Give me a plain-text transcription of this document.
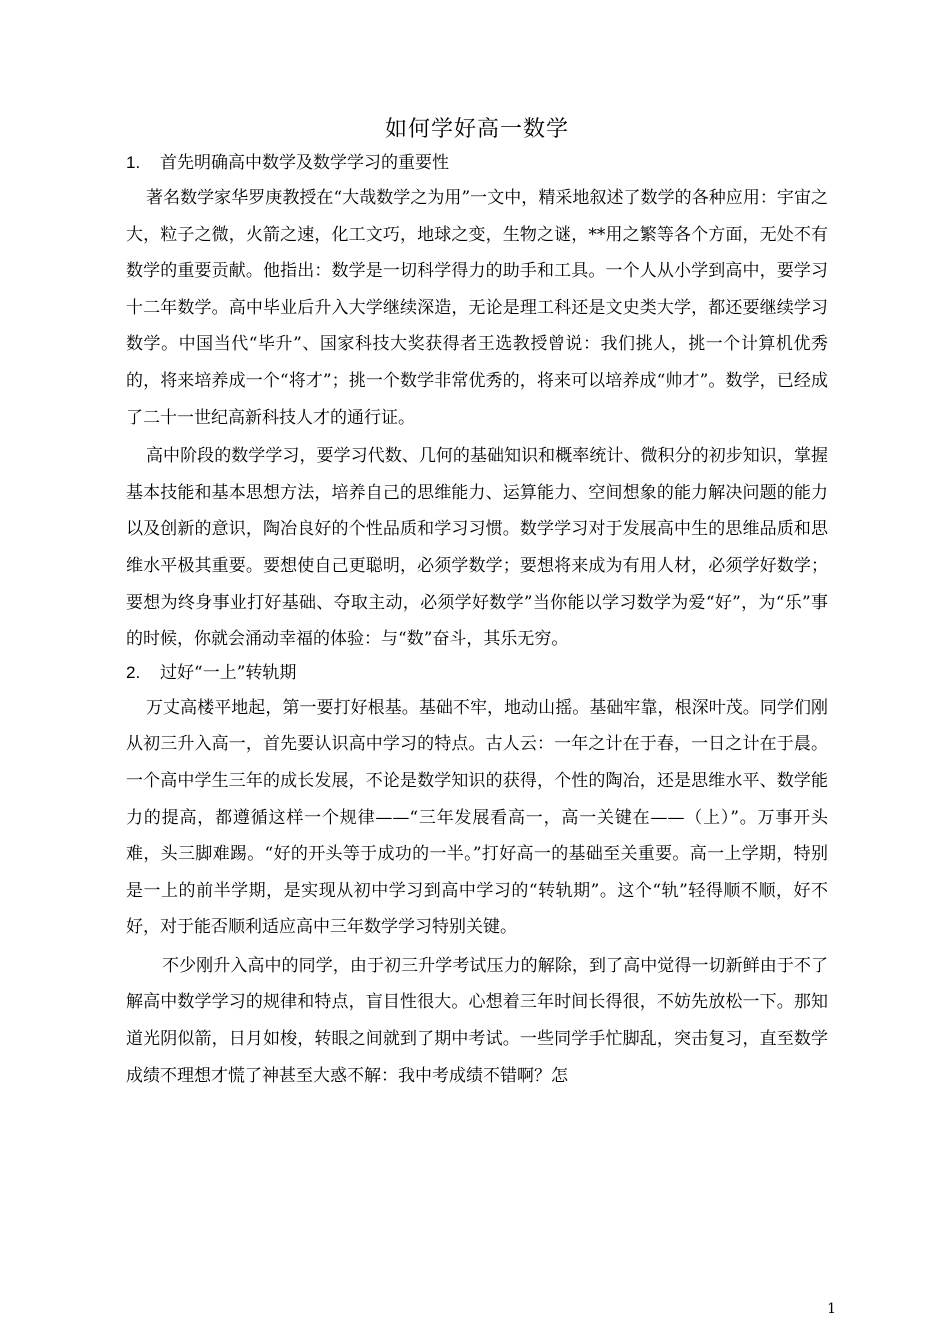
如何学好高一数学
1. 首先明确高中数学及数学学习的重要性

著名数学家华罗庚教授在“大哉数学之为用”一文中，精采地叙述了数学的各种应用：宇宙之大，粒子之微，火箭之速，化工文巧，地球之变，生物之谜，**用之繁等各个方面，无处不有数学的重要贡献。他指出：数学是一切科学得力的助手和工具。一个人从小学到高中，要学习十二年数学。高中毕业后升入大学继续深造，无论是理工科还是文史类大学，都还要继续学习数学。中国当代“毕升”、国家科技大奖获得者王选教授曾说：我们挑人，挑一个计算机优秀的，将来培养成一个“将才”；挑一个数学非常优秀的，将来可以培养成“帅才”。数学，已经成了二十一世纪高新科技人才的通行证。

高中阶段的数学学习，要学习代数、几何的基础知识和概率统计、微积分的初步知识，掌握基本技能和基本思想方法，培养自己的思维能力、运算能力、空间想象的能力解决问题的能力以及创新的意识，陶冶良好的个性品质和学习习惯。数学学习对于发展高中生的思维品质和思维水平极其重要。要想使自己更聪明，必须学数学；要想将来成为有用人材，必须学好数学；要想为终身事业打好基础、夺取主动，必须学好数学”当你能以学习数学为爱“好”，为“乐”事的时候，你就会涌动幸福的体验：与“数”奋斗，其乐无穷。

2. 过好“一上”转轨期

万丈高楼平地起，第一要打好根基。基础不牢，地动山摇。基础牢靠，根深叶茂。同学们刚从初三升入高一，首先要认识高中学习的特点。古人云：一年之计在于春，一日之计在于晨。一个高中学生三年的成长发展，不论是数学知识的获得，个性的陶冶，还是思维水平、数学能力的提高，都遵循这样一个规律——“三年发展看高一，高一关键在——（上）”。万事开头难，头三脚难踢。“好的开头等于成功的一半。”打好高一的基础至关重要。高一上学期，特别是一上的前半学期，是实现从初中学习到高中学习的“转轨期”。这个“轨”轻得顺不顺，好不好，对于能否顺利适应高中三年数学学习特别关键。

不少刚升入高中的同学，由于初三升学考试压力的解除，到了高中觉得一切新鲜由于不了解高中数学学习的规律和特点，盲目性很大。心想着三年时间长得很，不妨先放松一下。那知道光阴似箭，日月如梭，转眼之间就到了期中考试。一些同学手忙脚乱，突击复习，直至数学成绩不理想才慌了神甚至大惑不解：我中考成绩不错啊？怎

1
